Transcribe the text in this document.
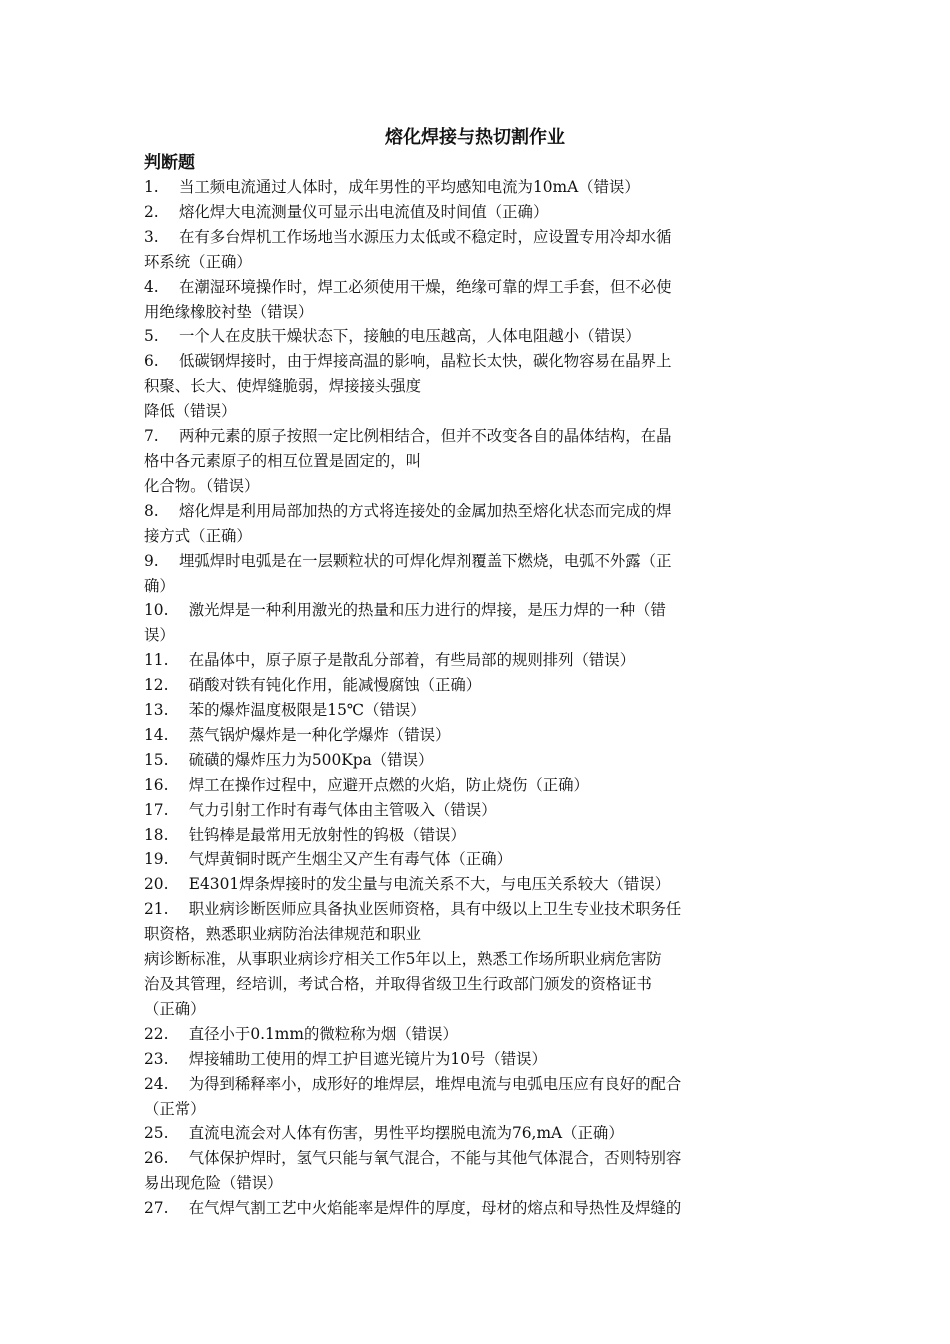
熔化焊接与热切割作业
判断题
1.　 当工频电流通过人体时，成年男性的平均感知电流为10mA（错误）
2.　 熔化焊大电流测量仪可显示出电流值及时间值（正确）
3.　 在有多台焊机工作场地当水源压力太低或不稳定时，应设置专用冷却水循
环系统（正确）
4.　 在潮湿环境操作时，焊工必须使用干燥，绝缘可靠的焊工手套，但不必使
用绝缘橡胶衬垫（错误）
5.　 一个人在皮肤干燥状态下，接触的电压越高，人体电阻越小（错误）
6.　 低碳钢焊接时，由于焊接高温的影响，晶粒长太快，碳化物容易在晶界上
积聚、长大、使焊缝脆弱，焊接接头强度
降低（错误）
7.　 两种元素的原子按照一定比例相结合，但并不改变各自的晶体结构，在晶
格中各元素原子的相互位置是固定的，叫
化合物。（错误）
8.　 熔化焊是利用局部加热的方式将连接处的金属加热至熔化状态而完成的焊
接方式（正确）
9.　 埋弧焊时电弧是在一层颗粒状的可焊化焊剂覆盖下燃烧，电弧不外露（正
确）
10.　 激光焊是一种利用激光的热量和压力进行的焊接，是压力焊的一种（错
误）
11.　 在晶体中，原子原子是散乱分部着，有些局部的规则排列（错误）
12.　 硝酸对铁有钝化作用，能减慢腐蚀（正确）
13.　 苯的爆炸温度极限是15℃（错误）
14.　 蒸气锅炉爆炸是一种化学爆炸（错误）
15.　 硫磺的爆炸压力为500Kpa（错误）
16.　 焊工在操作过程中，应避开点燃的火焰，防止烧伤（正确）
17.　 气力引射工作时有毒气体由主管吸入（错误）
18.　 钍钨棒是最常用无放射性的钨极（错误）
19.　 气焊黄铜时既产生烟尘又产生有毒气体（正确）
20.　 E4301焊条焊接时的发尘量与电流关系不大，与电压关系较大（错误）
21.　 职业病诊断医师应具备执业医师资格，具有中级以上卫生专业技术职务任
职资格，熟悉职业病防治法律规范和职业
病诊断标准，从事职业病诊疗相关工作5年以上，熟悉工作场所职业病危害防
治及其管理，经培训，考试合格，并取得省级卫生行政部门颁发的资格证书
（正确）
22.　 直径小于0.1mm的微粒称为烟（错误）
23.　 焊接辅助工使用的焊工护目遮光镜片为10号（错误）
24.　 为得到稀释率小，成形好的堆焊层，堆焊电流与电弧电压应有良好的配合
（正常）
25.　 直流电流会对人体有伤害，男性平均摆脱电流为76,mA（正确）
26.　 气体保护焊时，氢气只能与氧气混合，不能与其他气体混合，否则特别容
易出现危险（错误）
27.　 在气焊气割工艺中火焰能率是焊件的厚度，母材的熔点和导热性及焊缝的
